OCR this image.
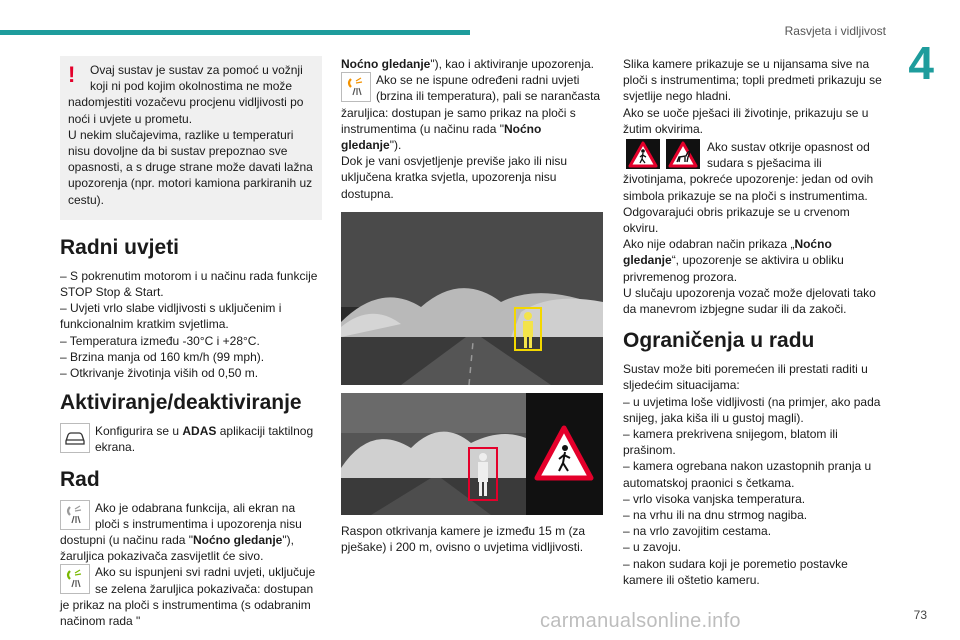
Rasvjeta i vidljivost
4
!	Ovaj sustav je sustav za pomoć u vožnji koji ni pod kojim okolnostima ne može nadomjestiti vozačevu procjenu vidljivosti po noći i uvjete u prometu.
U nekim slučajevima, razlike u temperaturi nisu dovoljne da bi sustav prepoznao sve opasnosti, a s druge strane može davati lažna upozorenja (npr. motori kamiona parkiranih uz cestu).

Radni uvjeti

– S pokrenutim motorom i u načinu rada funkcije STOP Stop & Start.

– Uvjeti vrlo slabe vidljivosti s uključenim i funkcionalnim kratkim svjetlima.

– Temperatura između -30°C i +28°C.

– Brzina manja od 160 km/h (99 mph).

– Otkrivanje životinja viših od 0,50 m.

Aktiviranje/deaktiviranje
Konfigurira se u ADAS aplikaciji taktilnog ekrana.
Rad
Ako je odabrana funkcija, ali ekran na ploči s instrumentima i upozorenja nisu dostupni (u načinu rada "Noćno gledanje"), žaruljica pokazivača zasvijetlit će sivo.
Ako su ispunjeni svi radni uvjeti, uključuje se zelena žaruljica pokazivača: dostupan je prikaz na ploči s instrumentima (s odabranim načinom rada "

Noćno gledanje"), kao i aktiviranje upozorenja.

Ako se ne ispune određeni radni uvjeti (brzina ili temperatura), pali se narančasta žaruljica: dostupan je samo prikaz na ploči s instrumentima (u načinu rada "Noćno gledanje").

Dok je vani osvjetljenje previše jako ili nisu uključena kratka svjetla, upozorenja nisu dostupna.

Raspon otkrivanja kamere je između 15 m (za pješake) i 200 m, ovisno o uvjetima vidljivosti.

Slika kamere prikazuje se u nijansama sive na ploči s instrumentima; topli predmeti prikazuju se svjetlije nego hladni.
Ako se uoče pješaci ili životinje, prikazuju se u žutim okvirima.

Ako sustav otkrije opasnost od sudara s pješacima ili životinjama, pokreće upozorenje: jedan od ovih simbola prikazuje se na ploči s instrumentima.
Odgovarajući obris prikazuje se u crvenom okviru.

Ako nije odabran način prikaza „Noćno gledanje“, upozorenje se aktivira u obliku privremenog prozora.
U slučaju upozorenja vozač može djelovati tako da manevrom izbjegne sudar ili da zakoči.

Ograničenja u radu

Sustav može biti poremećen ili prestati raditi u sljedećim situacijama:

– u uvjetima loše vidljivosti (na primjer, ako pada snijeg, jaka kiša ili u gustoj magli).

– kamera prekrivena snijegom, blatom ili prašinom.

– kamera ogrebana nakon uzastopnih pranja u automatskoj praonici s četkama.

– vrlo visoka vanjska temperatura.

– na vrhu ili na dnu strmog nagiba.

– na vrlo zavojitim cestama.

– u zavoju.

– nakon sudara koji je poremetio postavke kamere ili oštetio kameru.

carmanualsonline.info	73
